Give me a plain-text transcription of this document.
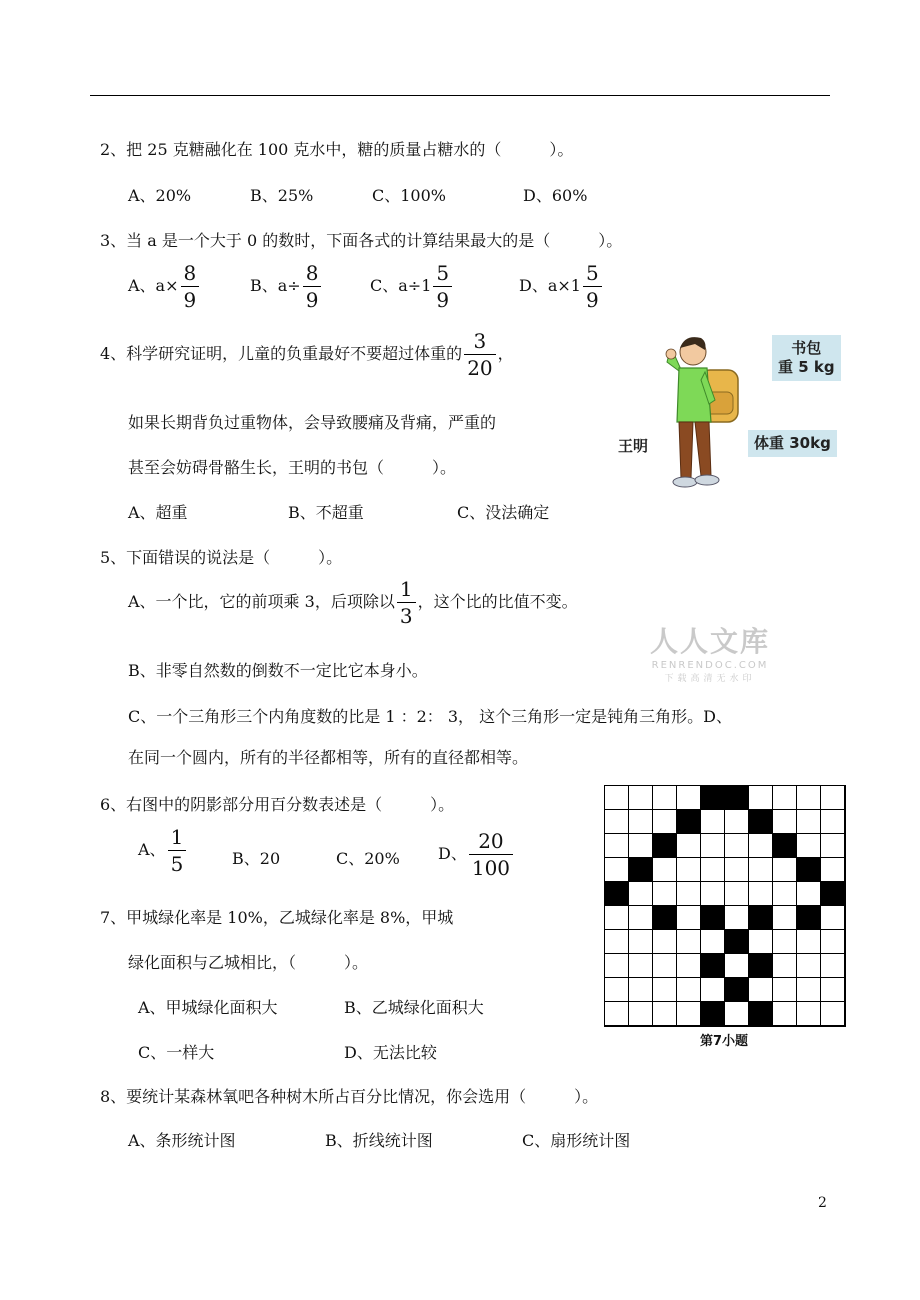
2、把 25 克糖融化在 100 克水中，糖的质量占糖水的（　　　）。
A、20%	B、25%	C、100%	D、60%
3、当 a 是一个大于 0 的数时，下面各式的计算结果最大的是（　　　）。
A、$a\times \frac{8}{9}$	B、$a\div \frac{8}{9}$	C、$a\div 1 \frac{5}{9}$	D、$a\times 1 \frac{5}{9}$
4、科学研究证明，儿童的负重最好不要超过体重的 $\frac{3}{20}$ ，
如果长期背负过重物体，会导致腰痛及背痛，严重的
甚至会妨碍骨骼生长，王明的书包（　　　）。
A、超重	B、不超重	C、没法确定
书包
重 5 kg
体重 30kg
王明
5、下面错误的说法是（　　　）。
A、一个比，它的前项乘 3，后项除以 $\frac{1}{3}$ ，这个比的比值不变。
B、非零自然数的倒数不一定比它本身小。
C、一个三角形三个内角度数的比是 1 ：2： 3， 这个三角形一定是钝角三角形。D、
在同一个圆内，所有的半径都相等，所有的直径都相等。
人人文库
RENRENDOC.COM
下载高清无水印
6、右图中的阴影部分用百分数表述是（　　　）。
A、 $\frac{1}{5}$	B、20	C、20% D、 $\frac{20}{100}$
7、甲城绿化率是 10%，乙城绿化率是 8%，甲城
绿化面积与乙城相比，（　　　）。
A、甲城绿化面积大	B、乙城绿化面积大
C、一样大	D、无法比较
第7小题
8、要统计某森林氧吧各种树木所占百分比情况，你会选用（　　　）。
A、条形统计图	B、折线统计图	C、扇形统计图
2
